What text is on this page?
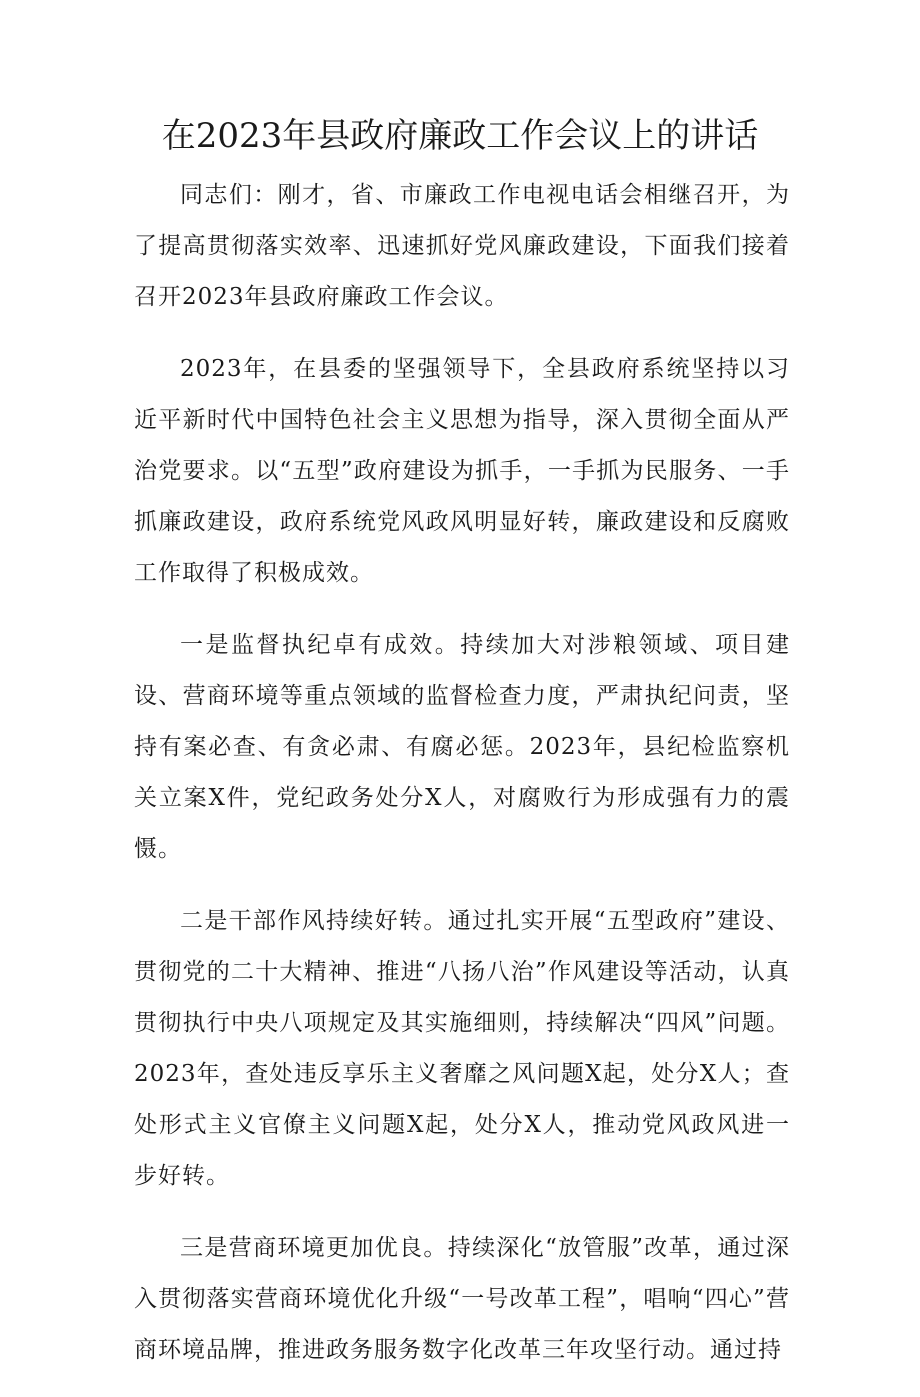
在2023年县政府廉政工作会议上的讲话

同志们：刚才，省、市廉政工作电视电话会相继召开，为了提高贯彻落实效率、迅速抓好党风廉政建设，下面我们接着召开2023年县政府廉政工作会议。

2023年，在县委的坚强领导下，全县政府系统坚持以习近平新时代中国特色社会主义思想为指导，深入贯彻全面从严治党要求。以“五型”政府建设为抓手，一手抓为民服务、一手抓廉政建设，政府系统党风政风明显好转，廉政建设和反腐败工作取得了积极成效。

一是监督执纪卓有成效。持续加大对涉粮领域、项目建设、营商环境等重点领域的监督检查力度，严肃执纪问责，坚持有案必查、有贪必肃、有腐必惩。2023年，县纪检监察机关立案X件，党纪政务处分X人，对腐败行为形成强有力的震慑。

二是干部作风持续好转。通过扎实开展“五型政府”建设、贯彻党的二十大精神、推进“八扬八治”作风建设等活动，认真贯彻执行中央八项规定及其实施细则，持续解决“四风”问题。2023年，查处违反享乐主义奢靡之风问题X起，处分X人；查处形式主义官僚主义问题X起，处分X人，推动党风政风进一步好转。

三是营商环境更加优良。持续深化“放管服”改革，通过深入贯彻落实营商环境优化升级“一号改革工程”，唱响“四心”营商环境品牌，推进政务服务数字化改革三年攻坚行动。通过持
